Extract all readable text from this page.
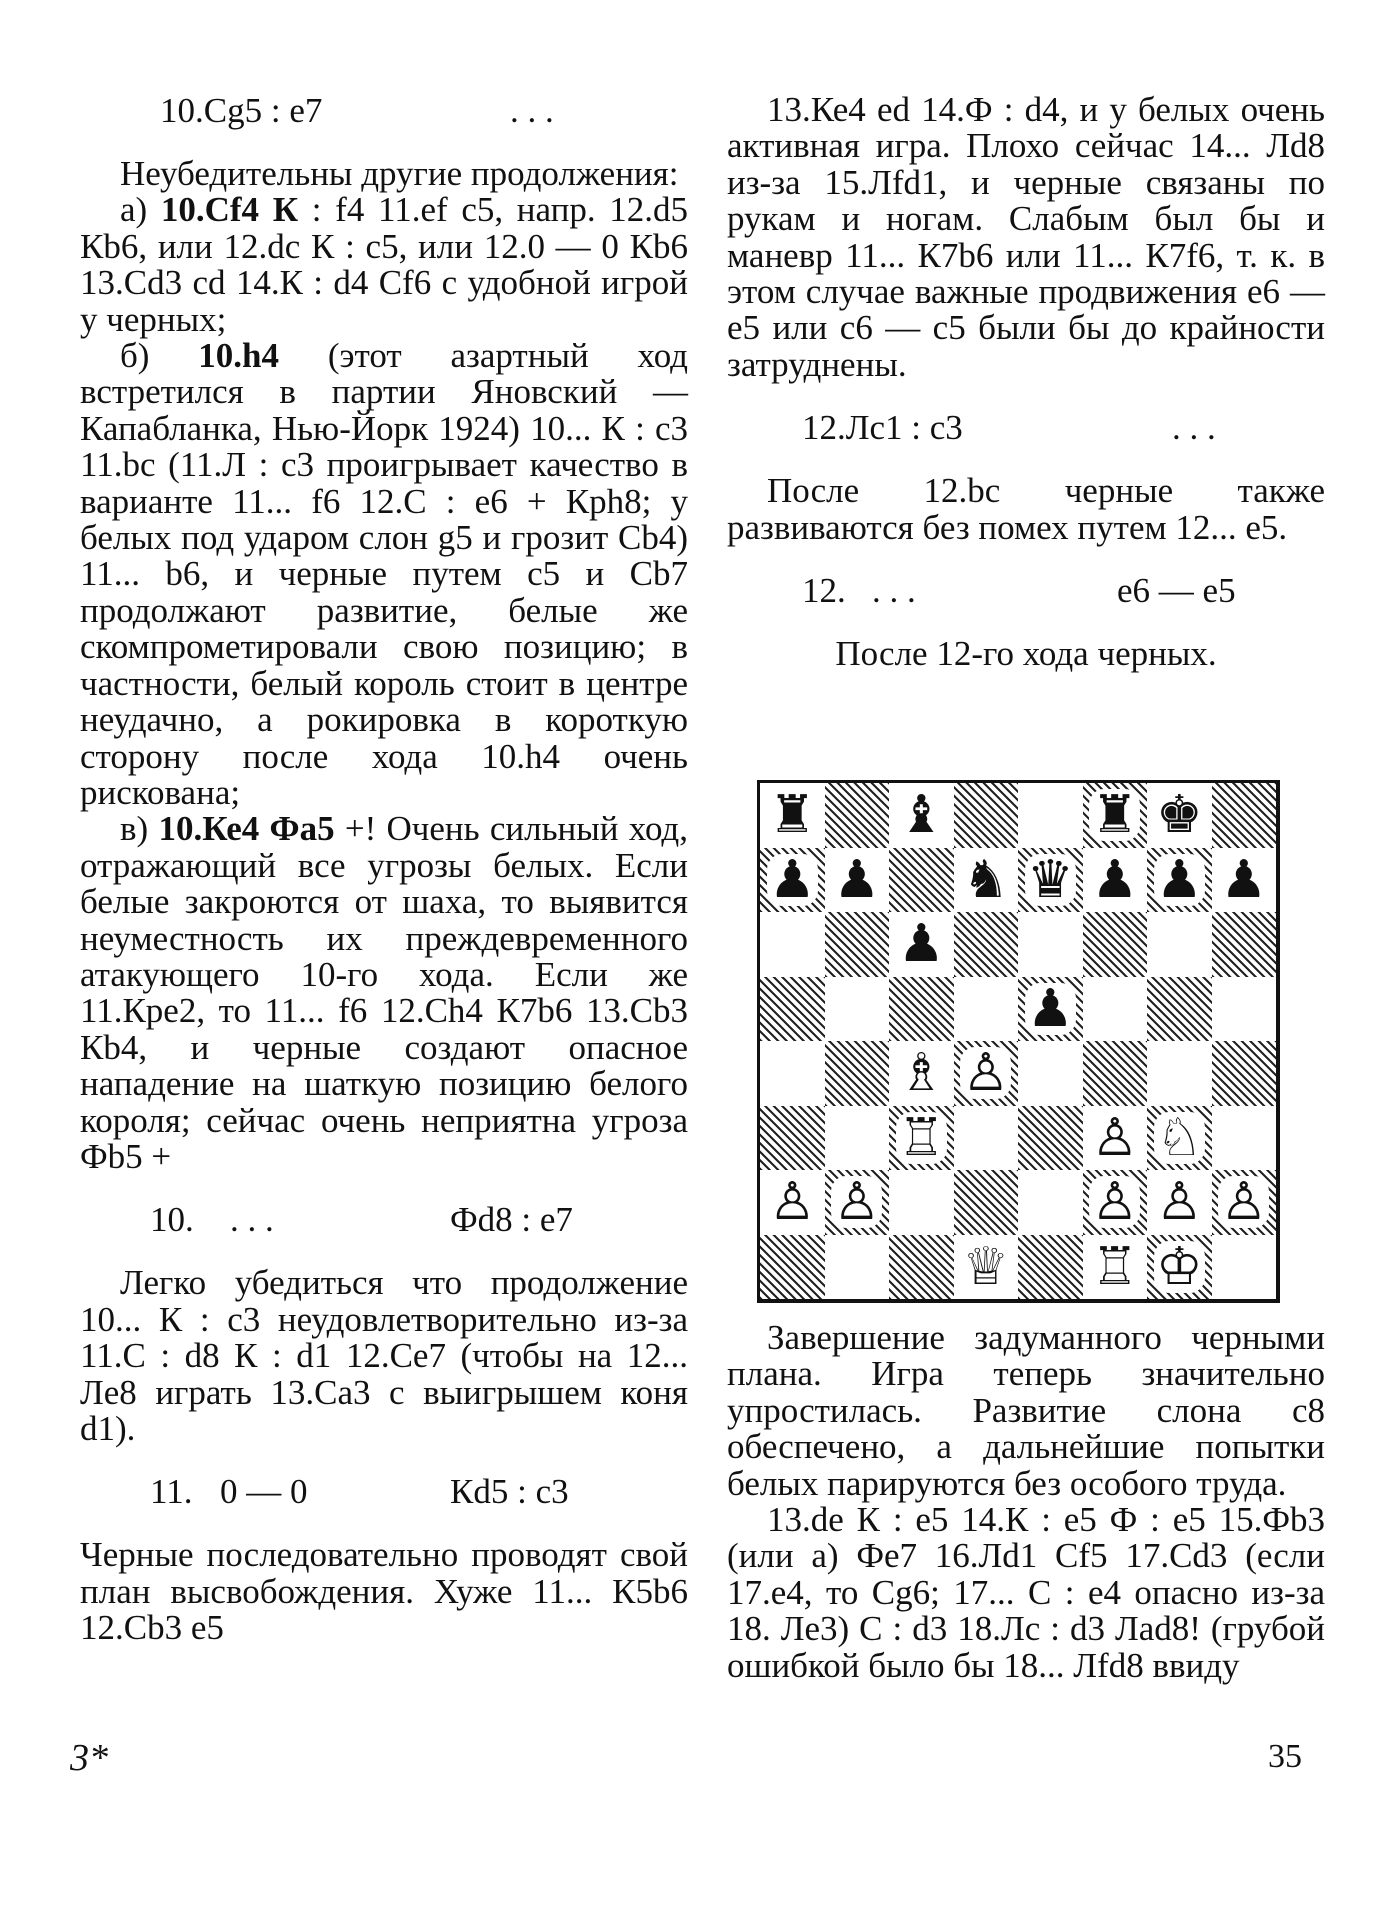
10.Cg5 : e7	. . .

Неубедительны другие продолжения:

а) 10.Cf4 К : f4 11.ef c5, напр. 12.d5 Кb6, или 12.dc К : c5, или 12.0 — 0 Кb6 13.Cd3 cd 14.К : d4 Cf6 с удобной игрой у черных;

б) 10.h4 (этот азартный ход встретился в партии Яновский — Капабланка, Нью-Йорк 1924) 10... К : c3 11.bc (11.Л : c3 проигрывает качество в варианте 11... f6 12.C : e6 + Крh8; у белых под ударом слон g5 и грозит Cb4) 11... b6, и черные путем c5 и Cb7 продолжают развитие, белые же скомпрометировали свою позицию; в частности, белый король стоит в центре неудачно, а рокировка в короткую сторону после хода 10.h4 очень рискована;

в) 10.Ке4 Фа5 +! Очень сильный ход, отражающий все угрозы белых. Если белые закроются от шаха, то выявится неуместность их преждевременного атакующего 10-го хода. Если же 11.Кре2, то 11... f6 12.Ch4 К7b6 13.Cb3 Кb4, и черные создают опасное нападение на шаткую позицию белого короля; сейчас очень неприятна угроза Фb5 +

10.	. . .	Фd8 : e7

Легко убедиться что продолжение 10... К : c3 неудовлетворительно из-за 11.C : d8 К : d1 12.Ce7 (чтобы на 12... Лe8 играть 13.Ca3 с выигрышем коня d1).

11. 0 — 0	Кd5 : c3

Черные последовательно проводят свой план высвобождения. Хуже 11... К5b6 12.Cb3 e5

13.Ке4 ed 14.Ф : d4, и у белых очень активная игра. Плохо сейчас 14... Лd8 из-за 15.Лfd1, и черные связаны по рукам и ногам. Слабым был бы и маневр 11... К7b6 или 11... К7f6, т. к. в этом случае важные продвижения e6 — e5 или c6 — c5 были бы до крайности затруднены.

12.Лc1 : c3	. . .

После 12.bc черные также развиваются без помех путем 12... e5.

12. . . .	e6 — e5

После 12-го хода черных.

♜ ♝	♜ ♚
♟ ♟ ♞ ♛ ♟ ♟ ♟
♟
♟
♗ ♙
♖	♙ ♘
♙ ♙	♙ ♙ ♙
♕ ♖ ♔

Завершение задуманного черными плана. Игра теперь значительно упростилась. Развитие слона c8 обеспечено, а дальнейшие попытки белых парируются без особого труда.

13.de К : e5 14.К : e5 Ф : e5 15.Фb3 (или а) Фe7 16.Лd1 Cf5 17.Cd3 (если 17.e4, то Cg6; 17... C : e4 опасно из-за 18. Лe3) C : d3 18.Лc : d3 Лad8! (грубой ошибкой было бы 18... Лfd8 ввиду

3*	35
